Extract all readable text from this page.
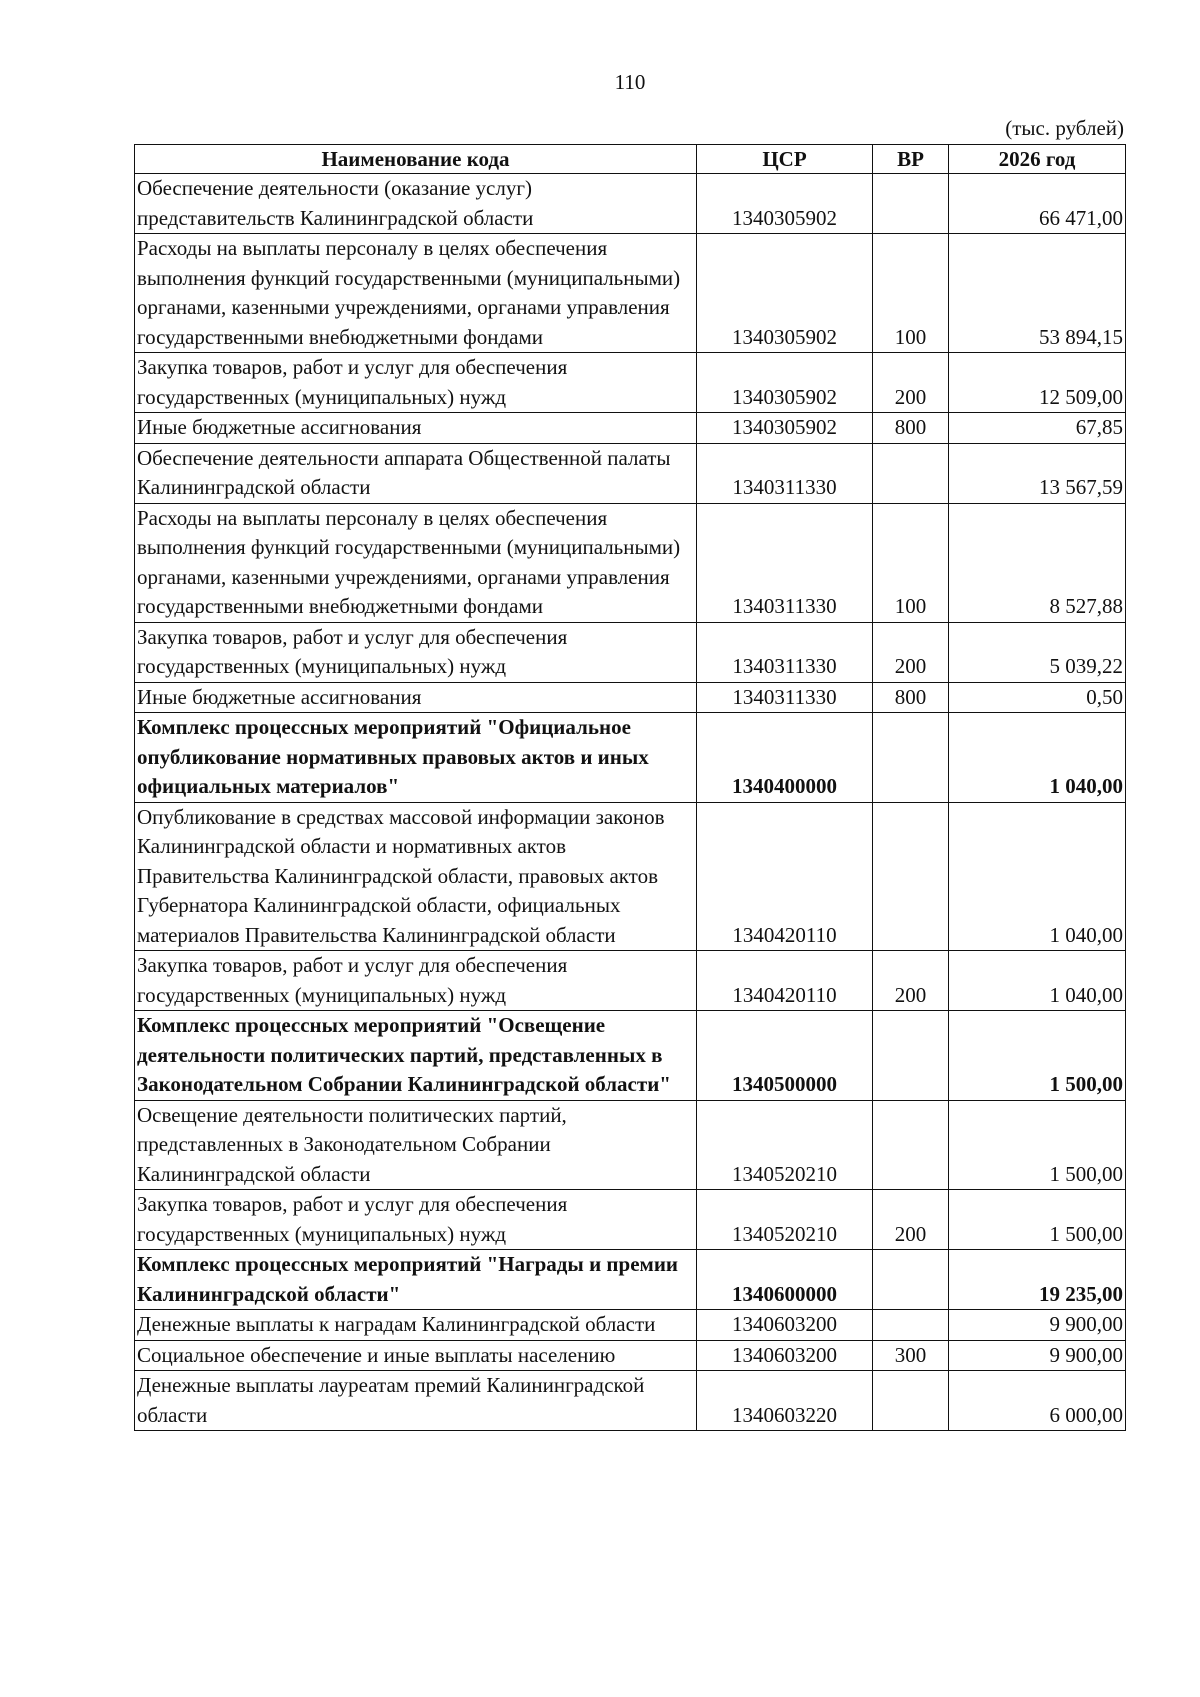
110
(тыс. рублей)
Наименование кода	ЦСР	ВР	2026 год
Обеспечение деятельности (оказание услуг) представительств Калининградской области	1340305902		66 471,00
Расходы на выплаты персоналу в целях обеспечения выполнения функций государственными (муниципальными) органами, казенными учреждениями, органами управления государственными внебюджетными фондами	1340305902	100	53 894,15
Закупка товаров, работ и услуг для обеспечения государственных (муниципальных) нужд	1340305902	200	12 509,00
Иные бюджетные ассигнования	1340305902	800	67,85
Обеспечение деятельности аппарата Общественной палаты Калининградской области	1340311330		13 567,59
Расходы на выплаты персоналу в целях обеспечения выполнения функций государственными (муниципальными) органами, казенными учреждениями, органами управления государственными внебюджетными фондами	1340311330	100	8 527,88
Закупка товаров, работ и услуг для обеспечения государственных (муниципальных) нужд	1340311330	200	5 039,22
Иные бюджетные ассигнования	1340311330	800	0,50
Комплекс процессных мероприятий "Официальное опубликование нормативных правовых актов и иных официальных материалов"	1340400000		1 040,00
Опубликование в средствах массовой информации законов Калининградской области и нормативных актов Правительства Калининградской области, правовых актов Губернатора Калининградской области, официальных материалов Правительства Калининградской области	1340420110		1 040,00
Закупка товаров, работ и услуг для обеспечения государственных (муниципальных) нужд	1340420110	200	1 040,00
Комплекс процессных мероприятий "Освещение деятельности политических партий, представленных в Законодательном Собрании Калининградской области"	1340500000		1 500,00
Освещение деятельности политических партий, представленных в Законодательном Собрании Калининградской области	1340520210		1 500,00
Закупка товаров, работ и услуг для обеспечения государственных (муниципальных) нужд	1340520210	200	1 500,00
Комплекс процессных мероприятий "Награды и премии Калининградской области"	1340600000		19 235,00
Денежные выплаты к наградам Калининградской области	1340603200		9 900,00
Социальное обеспечение и иные выплаты населению	1340603200	300	9 900,00
Денежные выплаты лауреатам премий Калининградской области	1340603220		6 000,00
